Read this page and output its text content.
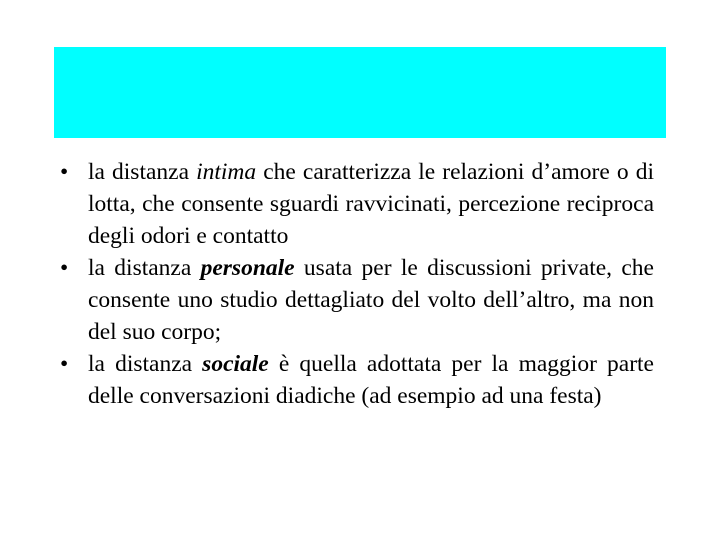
• la distanza intima che caratterizza le relazioni d’amore o di lotta, che consente sguardi ravvicinati, percezione reciproca degli odori e contatto
• la distanza personale usata per le discussioni private, che consente uno studio dettagliato del volto dell’altro, ma non del suo corpo;
• la distanza sociale è quella adottata per la maggior parte delle conversazioni diadiche (ad esempio ad una festa)
